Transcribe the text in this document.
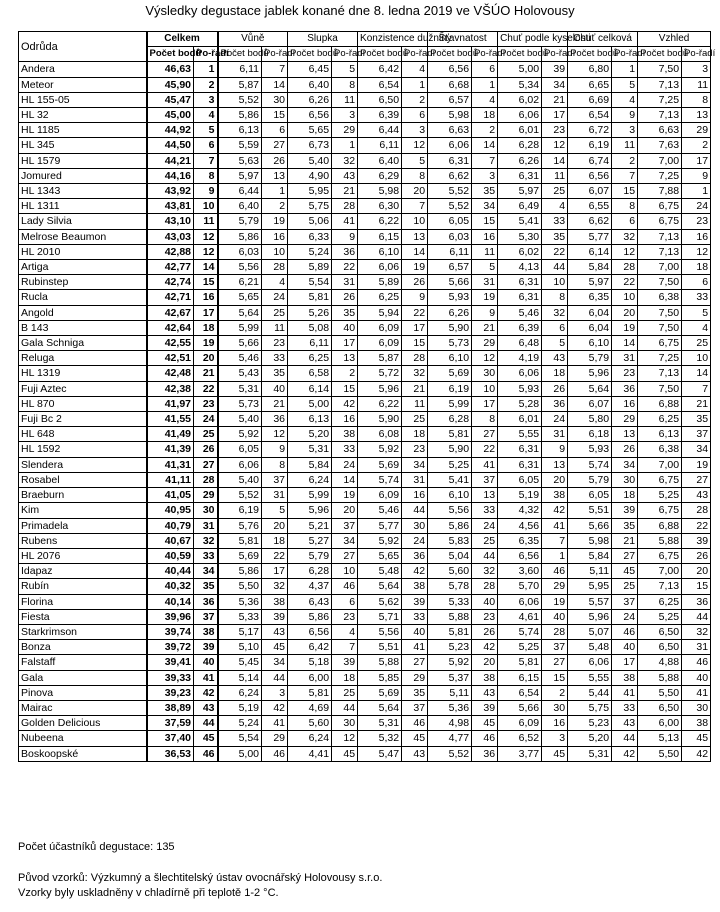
Výsledky degustace jablek konané dne 8. ledna 2019 ve VŠÚO Holovousy
Odrůda	Celkem		Vůně		Slupka		Konzistence dužniny		Šťavnatost		Chuť podle kyselosti		Chuť celková		Vzhled	
	Počet bodů	Po-řadí	Počet bodů	Po-řadí	Počet bodů	Po-řadí	Počet bodů	Po-řadí	Počet bodů	Po-řadí	Počet bodů	Po-řadí	Počet bodů	Po-řadí	Počet bodů	Po-řadí
Andera	46,63	1	6,11	7	6,45	5	6,42	4	6,56	6	5,00	39	6,80	1	7,50	3
Meteor	45,90	2	5,87	14	6,40	8	6,54	1	6,68	1	5,34	34	6,65	5	7,13	11
HL 155-05	45,47	3	5,52	30	6,26	11	6,50	2	6,57	4	6,02	21	6,69	4	7,25	8
HL 32	45,00	4	5,86	15	6,56	3	6,39	6	5,98	18	6,06	17	6,54	9	7,13	13
HL 1185	44,92	5	6,13	6	5,65	29	6,44	3	6,63	2	6,01	23	6,72	3	6,63	29
HL 345	44,50	6	5,59	27	6,73	1	6,11	12	6,06	14	6,28	12	6,19	11	7,63	2
HL 1579	44,21	7	5,63	26	5,40	32	6,40	5	6,31	7	6,26	14	6,74	2	7,00	17
Jomured	44,16	8	5,97	13	4,90	43	6,29	8	6,62	3	6,31	11	6,56	7	7,25	9
HL 1343	43,92	9	6,44	1	5,95	21	5,98	20	5,52	35	5,97	25	6,07	15	7,88	1
HL 1311	43,81	10	6,40	2	5,75	28	6,30	7	5,52	34	6,49	4	6,55	8	6,75	24
Lady Silvia	43,10	11	5,79	19	5,06	41	6,22	10	6,05	15	5,41	33	6,62	6	6,75	23
Melrose Beaumon	43,03	12	5,86	16	6,33	9	6,15	13	6,03	16	5,30	35	5,77	32	7,13	16
HL 2010	42,88	12	6,03	10	5,24	36	6,10	14	6,11	11	6,02	22	6,14	12	7,13	12
Artiga	42,77	14	5,56	28	5,89	22	6,06	19	6,57	5	4,13	44	5,84	28	7,00	18
Rubinstep	42,74	15	6,21	4	5,54	31	5,89	26	5,66	31	6,31	10	5,97	22	7,50	6
Rucla	42,71	16	5,65	24	5,81	26	6,25	9	5,93	19	6,31	8	6,35	10	6,38	33
Angold	42,67	17	5,64	25	5,26	35	5,94	22	6,26	9	5,46	32	6,04	20	7,50	5
B 143	42,64	18	5,99	11	5,08	40	6,09	17	5,90	21	6,39	6	6,04	19	7,50	4
Gala Schniga	42,55	19	5,66	23	6,11	17	6,09	15	5,73	29	6,48	5	6,10	14	6,75	25
Reluga	42,51	20	5,46	33	6,25	13	5,87	28	6,10	12	4,19	43	5,79	31	7,25	10
HL 1319	42,48	21	5,43	35	6,58	2	5,72	32	5,69	30	6,06	18	5,96	23	7,13	14
Fuji Aztec	42,38	22	5,31	40	6,14	15	5,96	21	6,19	10	5,93	26	5,64	36	7,50	7
HL 870	41,97	23	5,73	21	5,00	42	6,22	11	5,99	17	5,28	36	6,07	16	6,88	21
Fuji Bc 2	41,55	24	5,40	36	6,13	16	5,90	25	6,28	8	6,01	24	5,80	29	6,25	35
HL 648	41,49	25	5,92	12	5,20	38	6,08	18	5,81	27	5,55	31	6,18	13	6,13	37
HL 1592	41,39	26	6,05	9	5,31	33	5,92	23	5,90	22	6,31	9	5,93	26	6,38	34
Slendera	41,31	27	6,06	8	5,84	24	5,69	34	5,25	41	6,31	13	5,74	34	7,00	19
Rosabel	41,11	28	5,40	37	6,24	14	5,74	31	5,41	37	6,05	20	5,79	30	6,75	27
Braeburn	41,05	29	5,52	31	5,99	19	6,09	16	6,10	13	5,19	38	6,05	18	5,25	43
Kim	40,95	30	6,19	5	5,96	20	5,46	44	5,56	33	4,32	42	5,51	39	6,75	28
Primadela	40,79	31	5,76	20	5,21	37	5,77	30	5,86	24	4,56	41	5,66	35	6,88	22
Rubens	40,67	32	5,81	18	5,27	34	5,92	24	5,83	25	6,35	7	5,98	21	5,88	39
HL 2076	40,59	33	5,69	22	5,79	27	5,65	36	5,04	44	6,56	1	5,84	27	6,75	26
Idapaz	40,44	34	5,86	17	6,28	10	5,48	42	5,60	32	3,60	46	5,11	45	7,00	20
Rubín	40,32	35	5,50	32	4,37	46	5,64	38	5,78	28	5,70	29	5,95	25	7,13	15
Florina	40,14	36	5,36	38	6,43	6	5,62	39	5,33	40	6,06	19	5,57	37	6,25	36
Fiesta	39,96	37	5,33	39	5,86	23	5,71	33	5,88	23	4,61	40	5,96	24	5,25	44
Starkrimson	39,74	38	5,17	43	6,56	4	5,56	40	5,81	26	5,74	28	5,07	46	6,50	32
Bonza	39,72	39	5,10	45	6,42	7	5,51	41	5,23	42	5,25	37	5,48	40	6,50	31
Falstaff	39,41	40	5,45	34	5,18	39	5,88	27	5,92	20	5,81	27	6,06	17	4,88	46
Gala	39,33	41	5,14	44	6,00	18	5,85	29	5,37	38	6,15	15	5,55	38	5,88	40
Pinova	39,23	42	6,24	3	5,81	25	5,69	35	5,11	43	6,54	2	5,44	41	5,50	41
Mairac	38,89	43	5,19	42	4,69	44	5,64	37	5,36	39	5,66	30	5,75	33	6,50	30
Golden Delicious	37,59	44	5,24	41	5,60	30	5,31	46	4,98	45	6,09	16	5,23	43	6,00	38
Nubeena	37,40	45	5,54	29	6,24	12	5,32	45	4,77	46	6,52	3	5,20	44	5,13	45
Boskoopské	36,53	46	5,00	46	4,41	45	5,47	43	5,52	36	3,77	45	5,31	42	5,50	42
Počet účastníků degustace: 135
Původ vzorků: Výzkumný a šlechtitelský ústav ovocnářský Holovousy s.r.o.
Vzorky byly uskladněny v chladírně při teplotě 1-2 °C.
